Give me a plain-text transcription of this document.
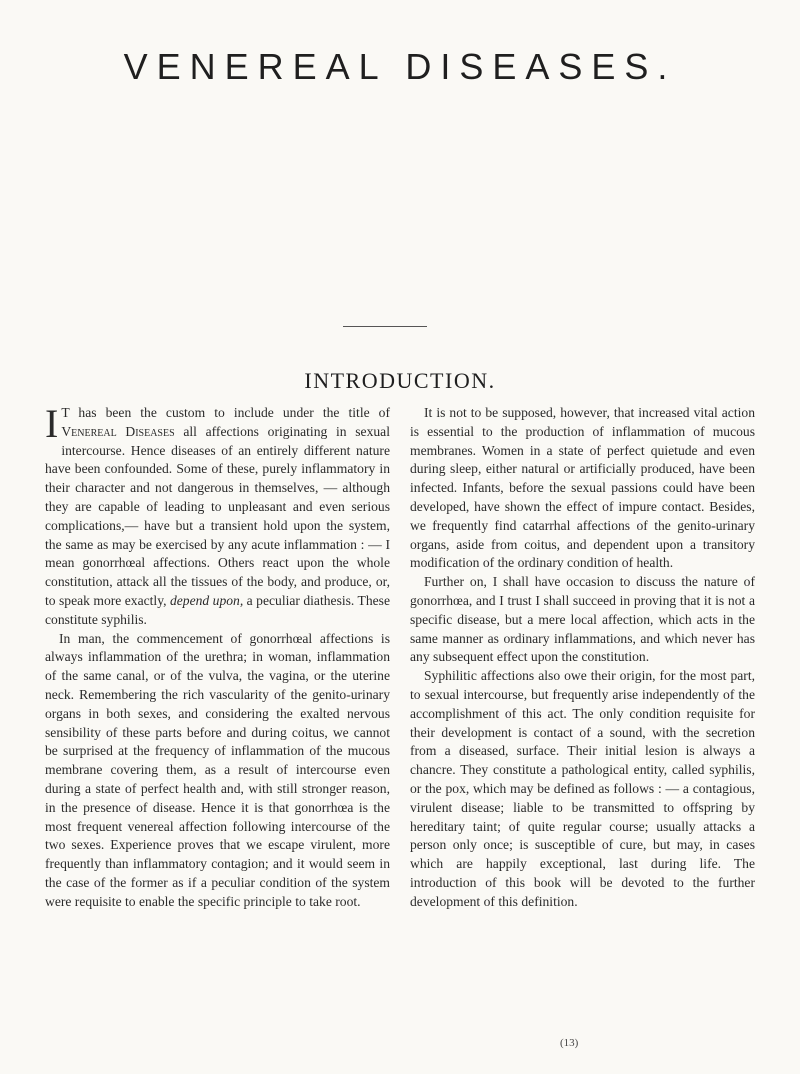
VENEREAL DISEASES.
INTRODUCTION.

I T has been the custom to include under the title of Venereal Diseases all affections originating in sexual intercourse. Hence diseases of an entirely different nature have been confounded. Some of these, purely inflammatory in their character and not dangerous in themselves, — although they are capable of leading to unpleasant and even serious complications,— have but a transient hold upon the system, the same as may be exercised by any acute inflammation : — I mean gonorrhœal affections. Others react upon the whole constitution, attack all the tissues of the body, and produce, or, to speak more exactly, depend upon, a peculiar diathesis. These constitute syphilis.

In man, the commencement of gonorrhœal affections is always inflammation of the urethra; in woman, inflammation of the same canal, or of the vulva, the vagina, or the uterine neck. Remembering the rich vascularity of the genito-urinary organs in both sexes, and considering the exalted nervous sensibility of these parts before and during coitus, we cannot be surprised at the frequency of inflammation of the mucous membrane covering them, as a result of intercourse even during a state of perfect health and, with still stronger reason, in the presence of disease. Hence it is that gonorrhœa is the most frequent venereal affection following intercourse of the two sexes. Experience proves that we escape virulent, more frequently than inflammatory contagion; and it would seem in the case of the former as if a peculiar condition of the system were requisite to enable the specific principle to take root.

It is not to be supposed, however, that increased vital action is essential to the production of inflammation of mucous membranes. Women in a state of perfect quietude and even during sleep, either natural or artificially produced, have been infected. Infants, before the sexual passions could have been developed, have shown the effect of impure contact. Besides, we frequently find catarrhal affections of the genito-urinary organs, aside from coitus, and dependent upon a transitory modification of the ordinary condition of health.

Further on, I shall have occasion to discuss the nature of gonorrhœa, and I trust I shall succeed in proving that it is not a specific disease, but a mere local affection, which acts in the same manner as ordinary inflammations, and which never has any subsequent effect upon the constitution.

Syphilitic affections also owe their origin, for the most part, to sexual intercourse, but frequently arise independently of the accomplishment of this act. The only condition requisite for their development is contact of a sound, with the secretion from a diseased, surface. Their initial lesion is always a chancre. They constitute a pathological entity, called syphilis, or the pox, which may be defined as follows : — a contagious, virulent disease; liable to be transmitted to offspring by hereditary taint; of quite regular course; usually attacks a person only once; is susceptible of cure, but may, in cases which are happily exceptional, last during life. The introduction of this book will be devoted to the further development of this definition.

(13)
